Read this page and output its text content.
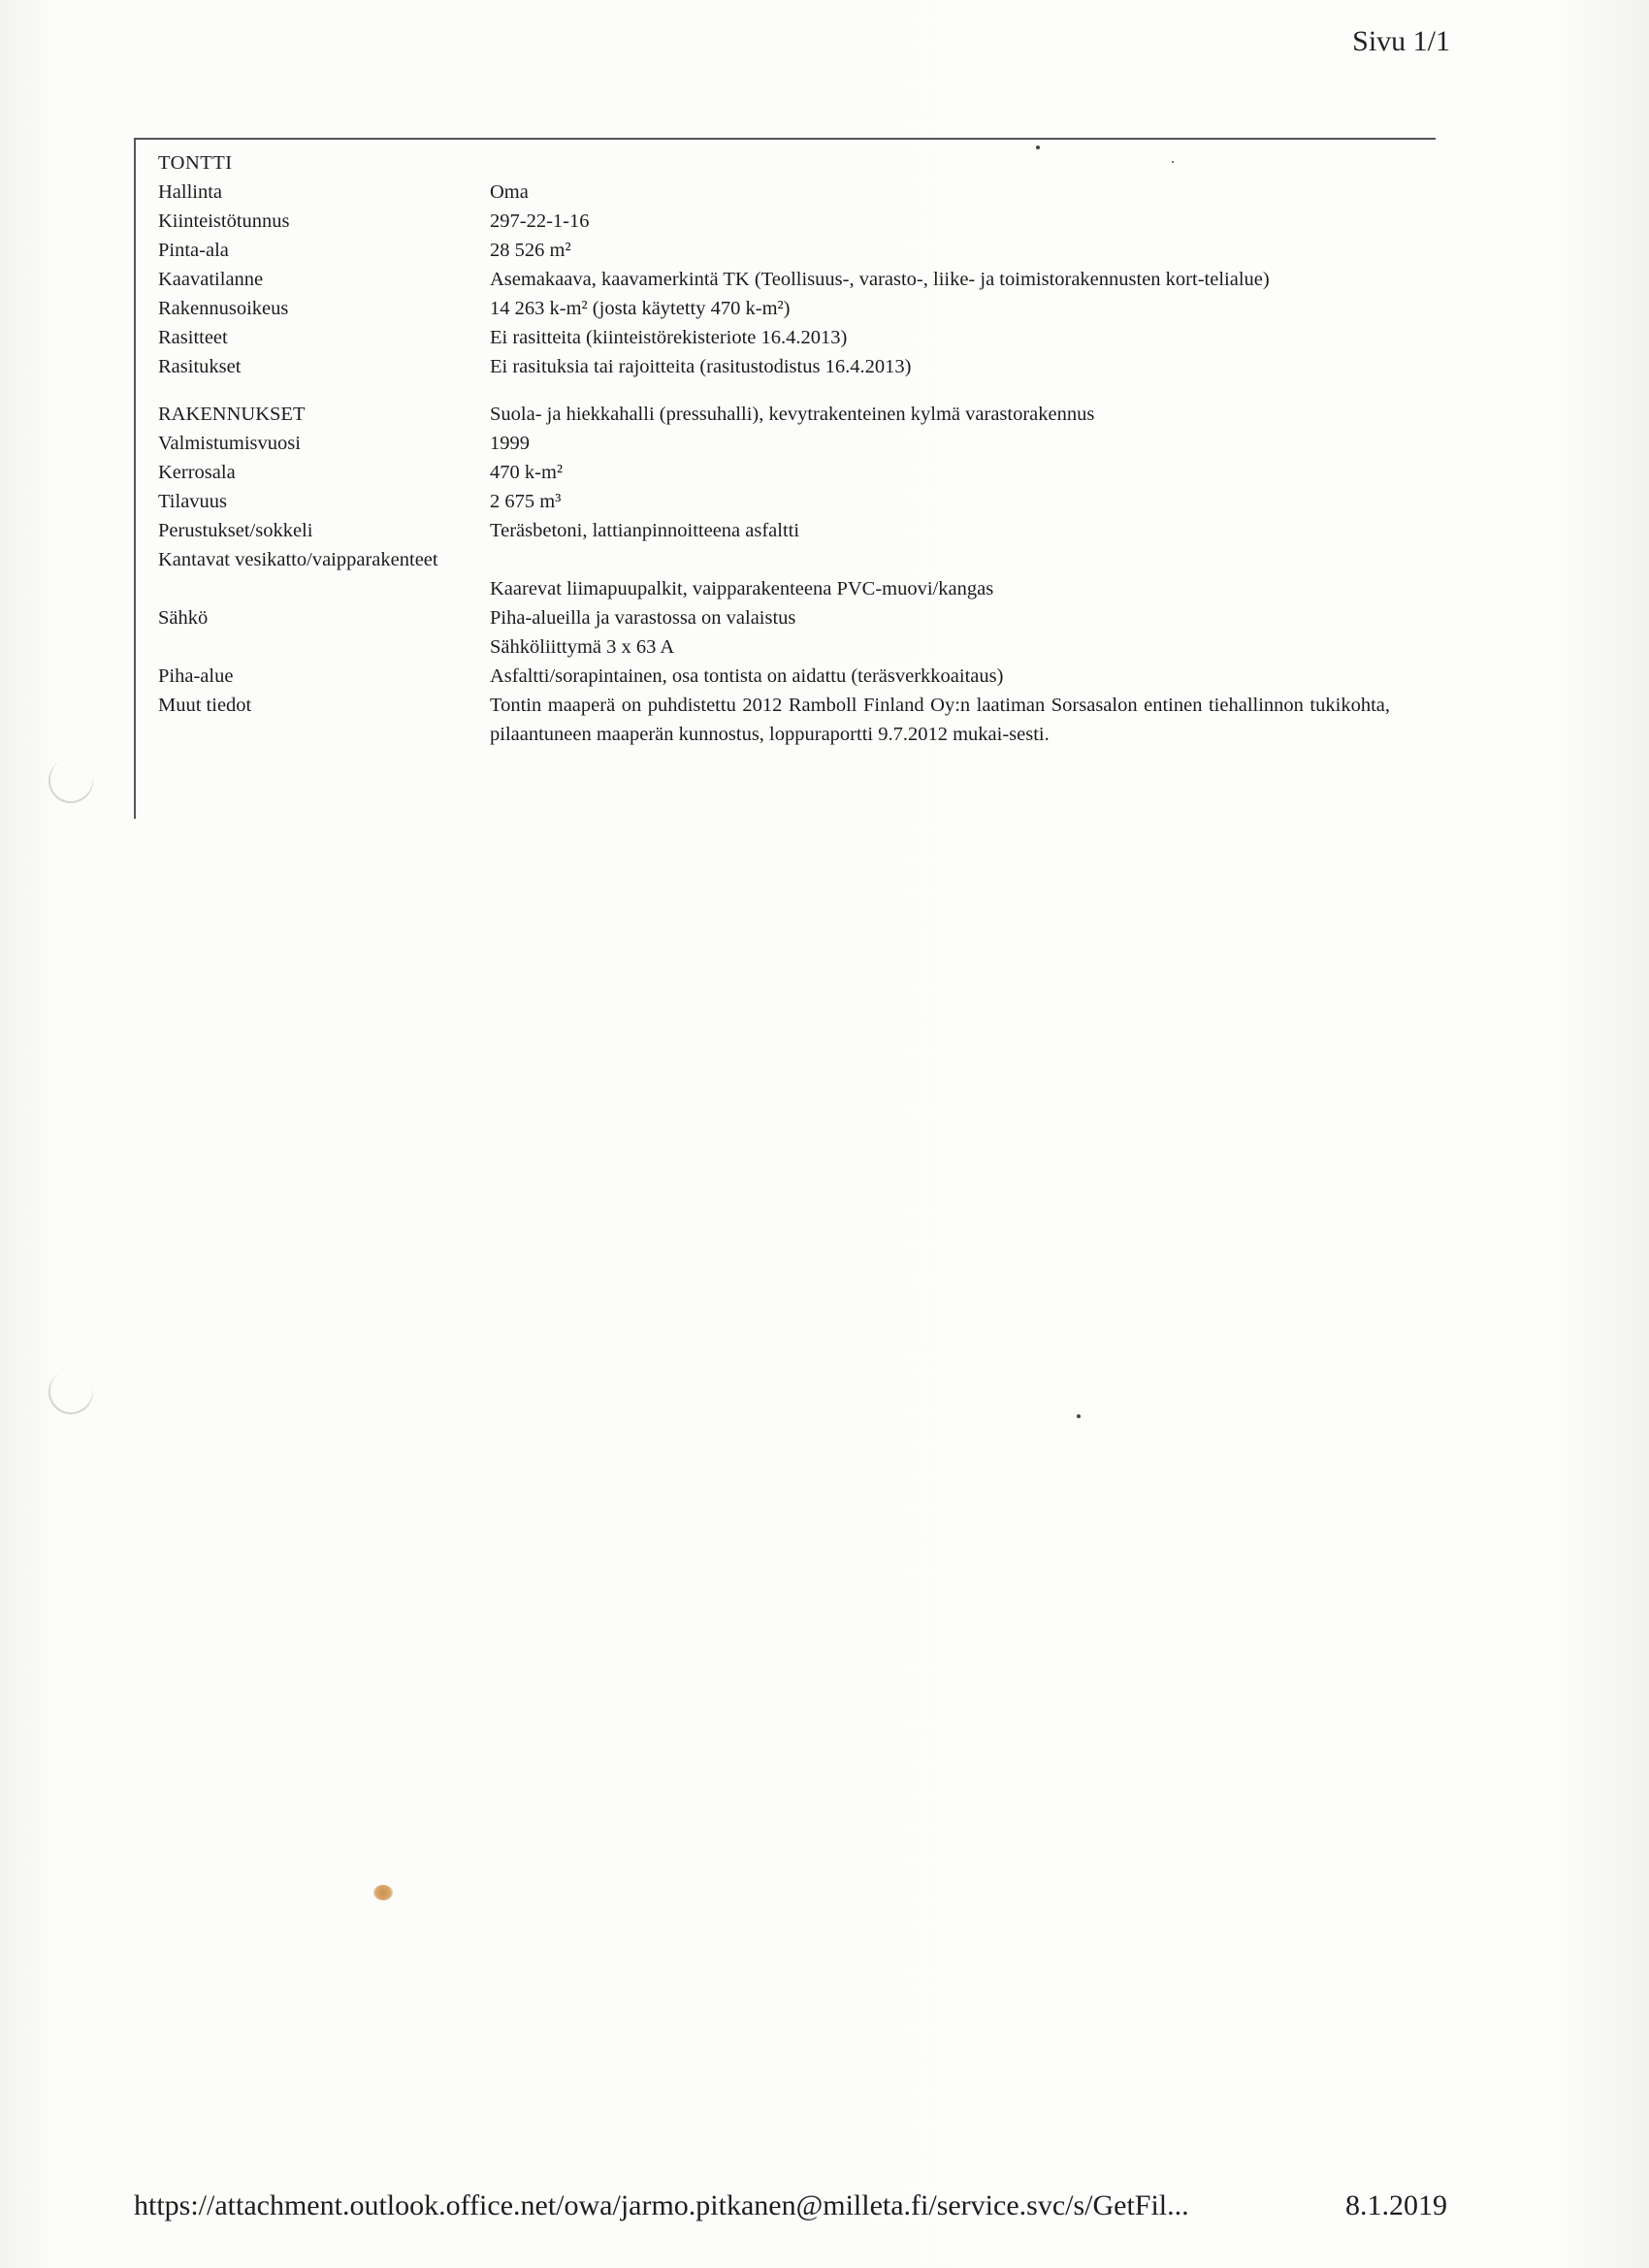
Sivu 1/1
TONTTI
Hallinta	Oma
Kiinteistötunnus	297-22-1-16
Pinta-ala	28 526 m²
Kaavatilanne	Asemakaava, kaavamerkintä TK (Teollisuus-, varasto-, liike- ja toimistorakennusten kort-telialue)
Rakennusoikeus	14 263 k-m² (josta käytetty 470 k-m²)
Rasitteet	Ei rasitteita (kiinteistörekisteriote 16.4.2013)
Rasitukset	Ei rasituksia tai rajoitteita (rasitustodistus 16.4.2013)
RAKENNUKSET	Suola- ja hiekkahalli (pressuhalli), kevytrakenteinen kylmä varastorakennus
Valmistumisvuosi	1999
Kerrosala	470 k-m²
Tilavuus	2 675 m³
Perustukset/sokkeli	Teräsbetoni, lattianpinnoitteena asfaltti
Kantavat vesikatto/vaipparakenteet
Kaarevat liimapuupalkit, vaipparakenteena PVC-muovi/kangas
Sähkö	Piha-alueilla ja varastossa on valaistus
Sähköliittymä 3 x 63 A
Piha-alue	Asfaltti/sorapintainen, osa tontista on aidattu (teräsverkkoaitaus)
Muut tiedot	Tontin maaperä on puhdistettu 2012 Ramboll Finland Oy:n laatiman Sorsasalon entinen tiehallinnon tukikohta, pilaantuneen maaperän kunnostus, loppuraportti 9.7.2012 mukai-sesti.
https://attachment.outlook.office.net/owa/jarmo.pitkanen@milleta.fi/service.svc/s/GetFil...	8.1.2019
